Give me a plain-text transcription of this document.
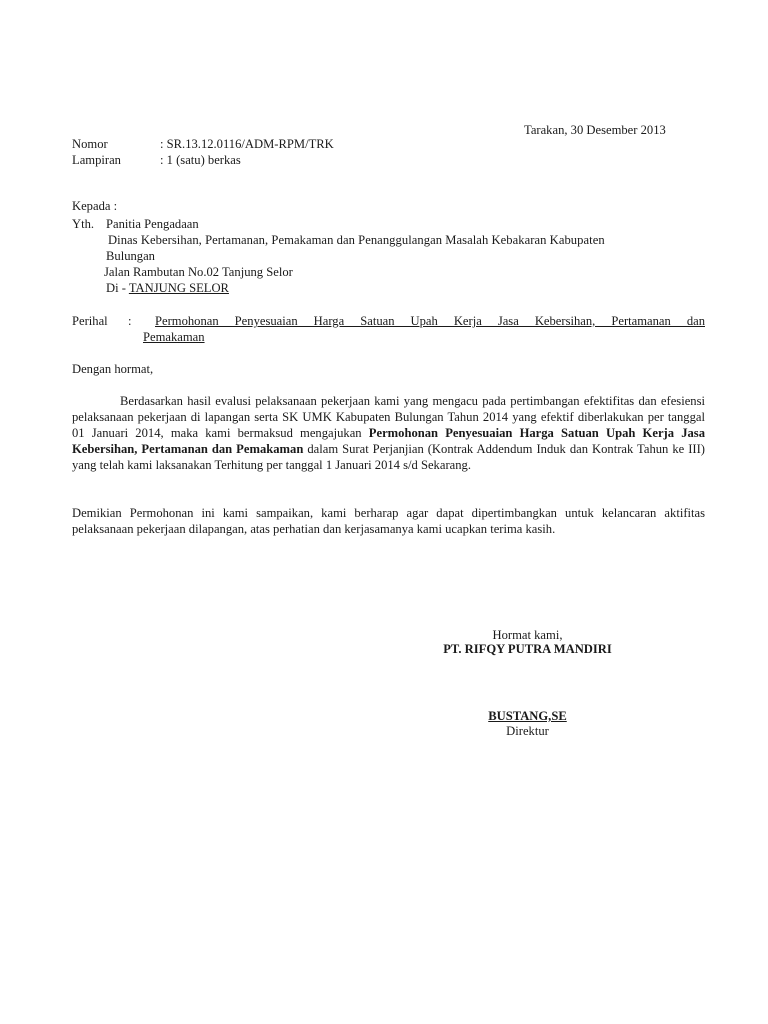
Tarakan, 30 Desember 2013
Nomor	: SR.13.12.0116/ADM-RPM/TRK
Lampiran	: 1 (satu) berkas
Kepada :
Yth. Panitia Pengadaan
Dinas Kebersihan, Pertamanan, Pemakaman dan Penanggulangan Masalah Kebakaran Kabupaten
Bulungan
Jalan Rambutan No.02 Tanjung Selor
Di - TANJUNG SELOR
Perihal : Permohonan Penyesuaian Harga Satuan Upah Kerja Jasa Kebersihan, Pertamanan dan
Pemakaman
Dengan hormat,
Berdasarkan hasil evalusi pelaksanaan pekerjaan kami yang mengacu pada pertimbangan efektifitas dan efesiensi pelaksanaan pekerjaan di lapangan serta SK UMK Kabupaten Bulungan Tahun 2014 yang efektif diberlakukan per tanggal 01 Januari 2014, maka kami bermaksud mengajukan Permohonan Penyesuaian Harga Satuan Upah Kerja Jasa Kebersihan, Pertamanan dan Pemakaman dalam Surat Perjanjian (Kontrak Addendum Induk dan Kontrak Tahun ke III) yang telah kami laksanakan Terhitung per tanggal 1 Januari 2014 s/d Sekarang.
Demikian Permohonan ini kami sampaikan, kami berharap agar dapat dipertimbangkan untuk kelancaran aktifitas pelaksanaan pekerjaan dilapangan, atas perhatian dan kerjasamanya kami ucapkan terima kasih.
Hormat kami,
PT. RIFQY PUTRA MANDIRI
BUSTANG,SE
Direktur
